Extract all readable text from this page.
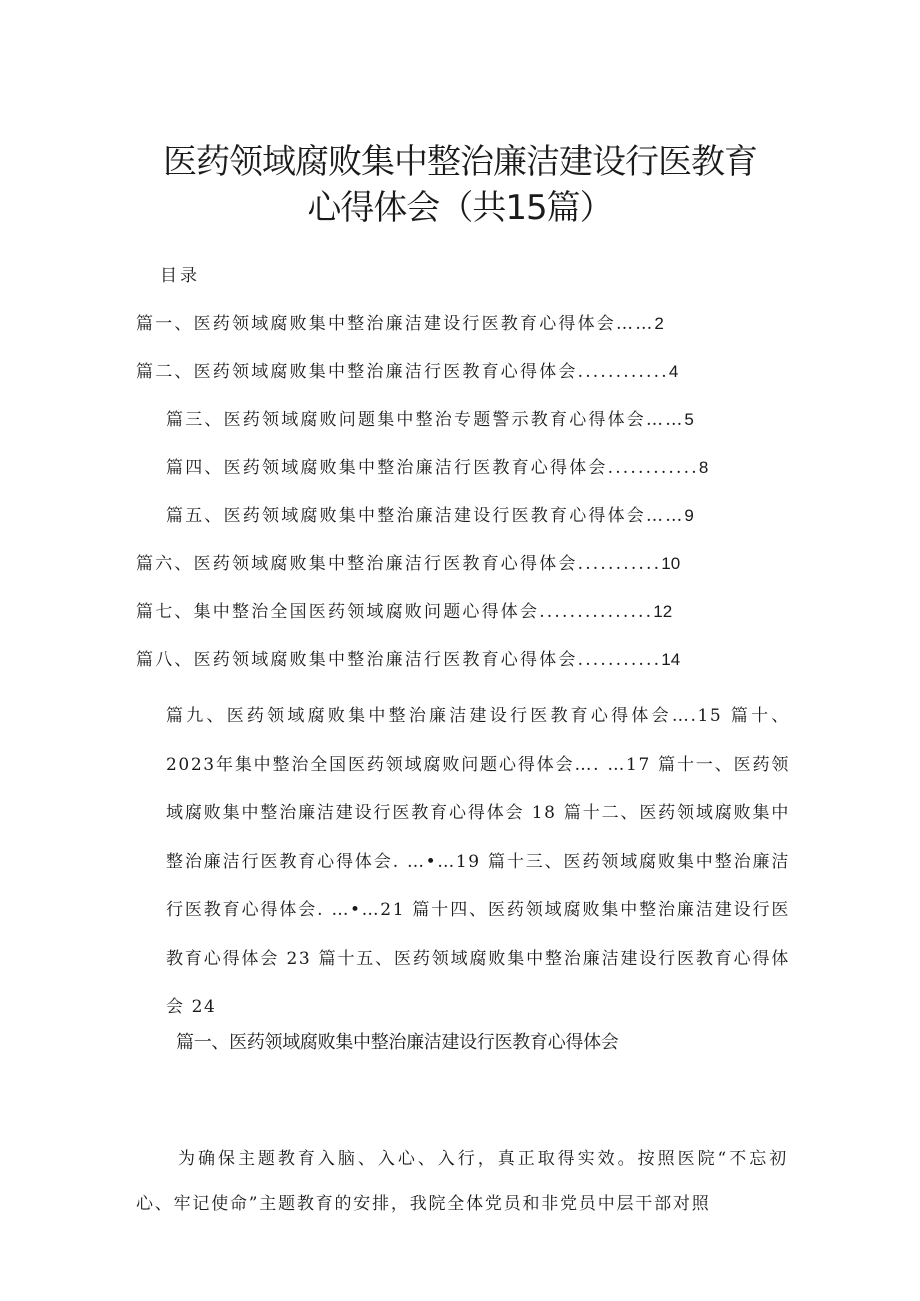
医药领域腐败集中整治廉洁建设行医教育
心得体会（共15篇）
目录
篇一、医药领域腐败集中整治廉洁建设行医教育心得体会……2
篇二、医药领域腐败集中整治廉洁行医教育心得体会............4
篇三、医药领域腐败问题集中整治专题警示教育心得体会……5
篇四、医药领域腐败集中整治廉洁行医教育心得体会............8
篇五、医药领域腐败集中整治廉洁建设行医教育心得体会……9
篇六、医药领域腐败集中整治廉洁行医教育心得体会...........10
篇七、集中整治全国医药领域腐败问题心得体会...............12
篇八、医药领域腐败集中整治廉洁行医教育心得体会...........14
篇九、医药领域腐败集中整治廉洁建设行医教育心得体会….15 篇十、2023年集中整治全国医药领域腐败问题心得体会…. …17 篇十一、医药领域腐败集中整治廉洁建设行医教育心得体会 18 篇十二、医药领域腐败集中整治廉洁行医教育心得体会. …•…19 篇十三、医药领域腐败集中整治廉洁行医教育心得体会. …•…21 篇十四、医药领域腐败集中整治廉洁建设行医教育心得体会 23 篇十五、医药领域腐败集中整治廉洁建设行医教育心得体会 24
篇一、医药领域腐败集中整治廉洁建设行医教育心得体会

为确保主题教育入脑、入心、入行，真正取得实效。按照医院“不忘初心、牢记使命”主题教育的安排，我院全体党员和非党员中层干部对照
